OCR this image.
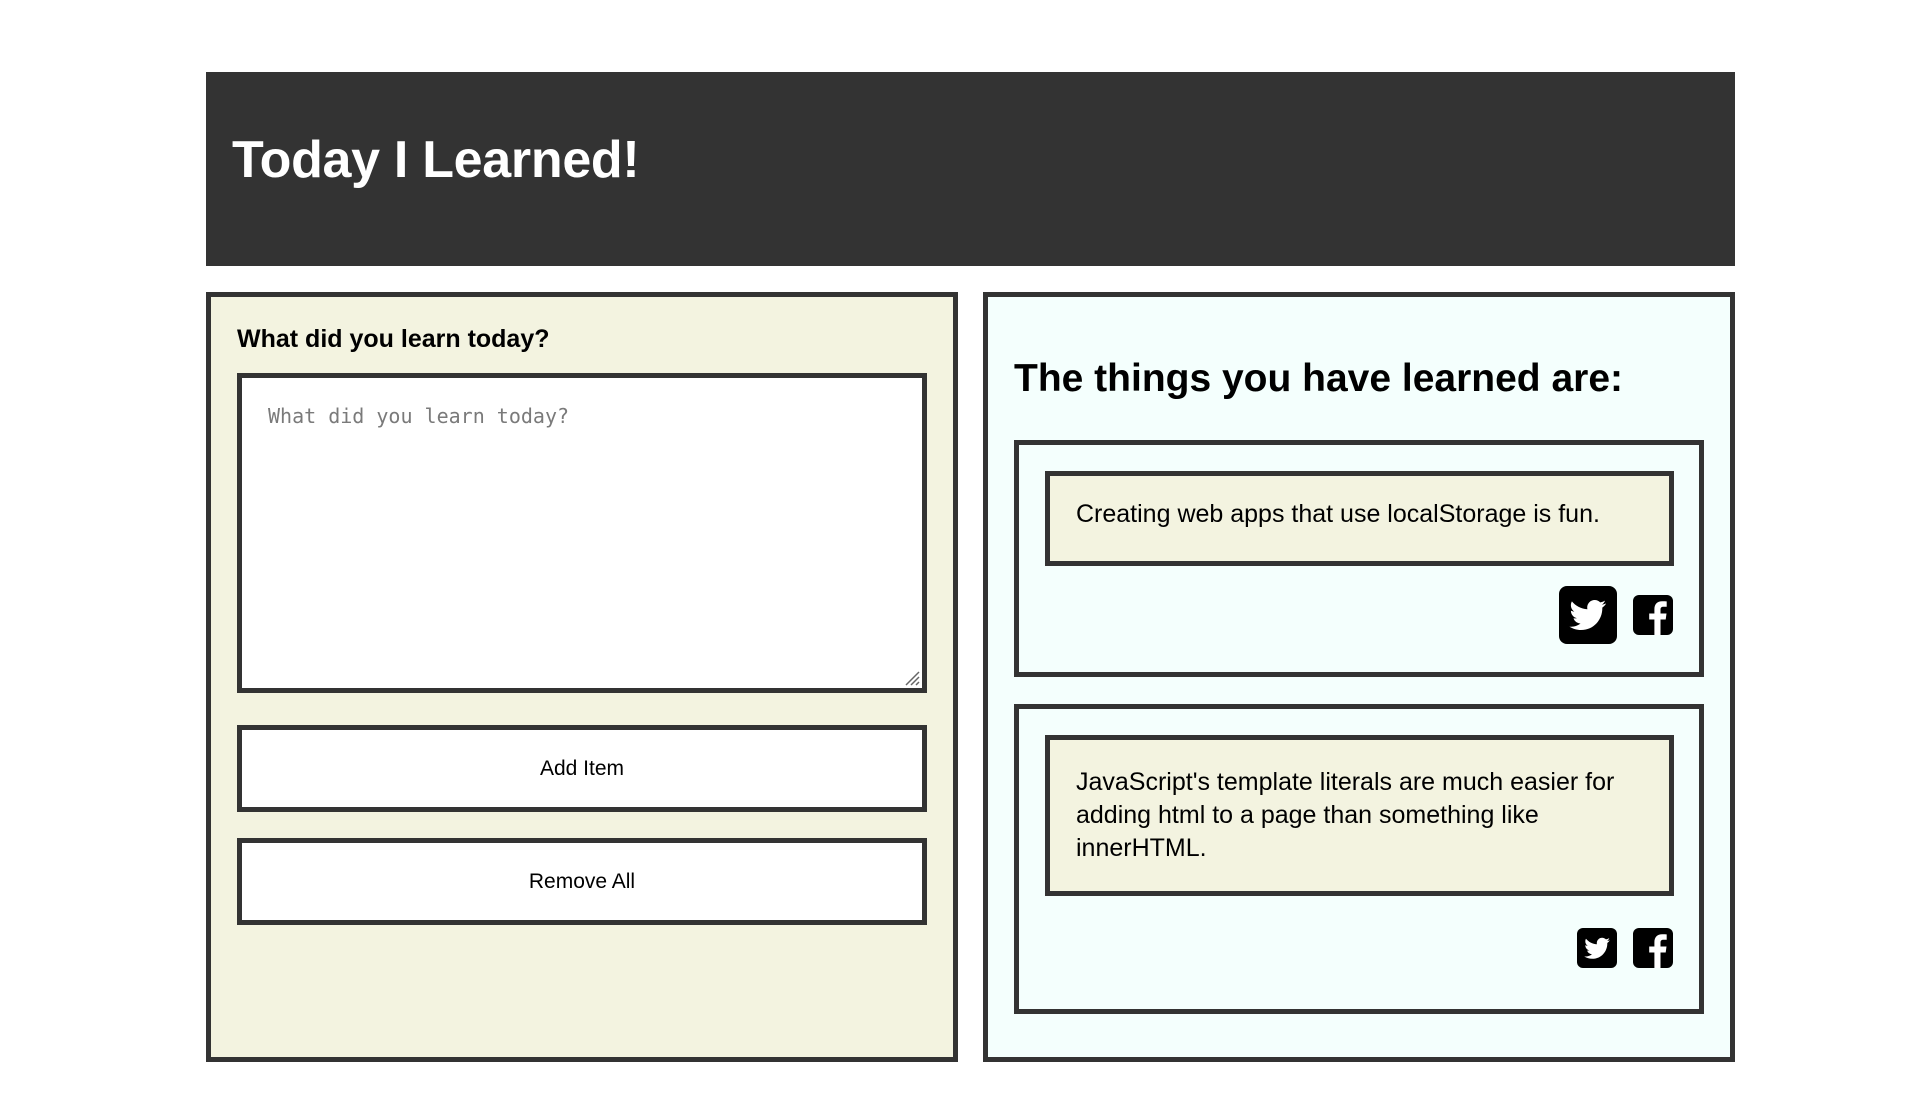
Today I Learned!
What did you learn today?
What did you learn today?
Add Item
Remove All
The things you have learned are:
Creating web apps that use localStorage is fun.
JavaScript's template literals are much easier for adding html to a page than something like innerHTML.
